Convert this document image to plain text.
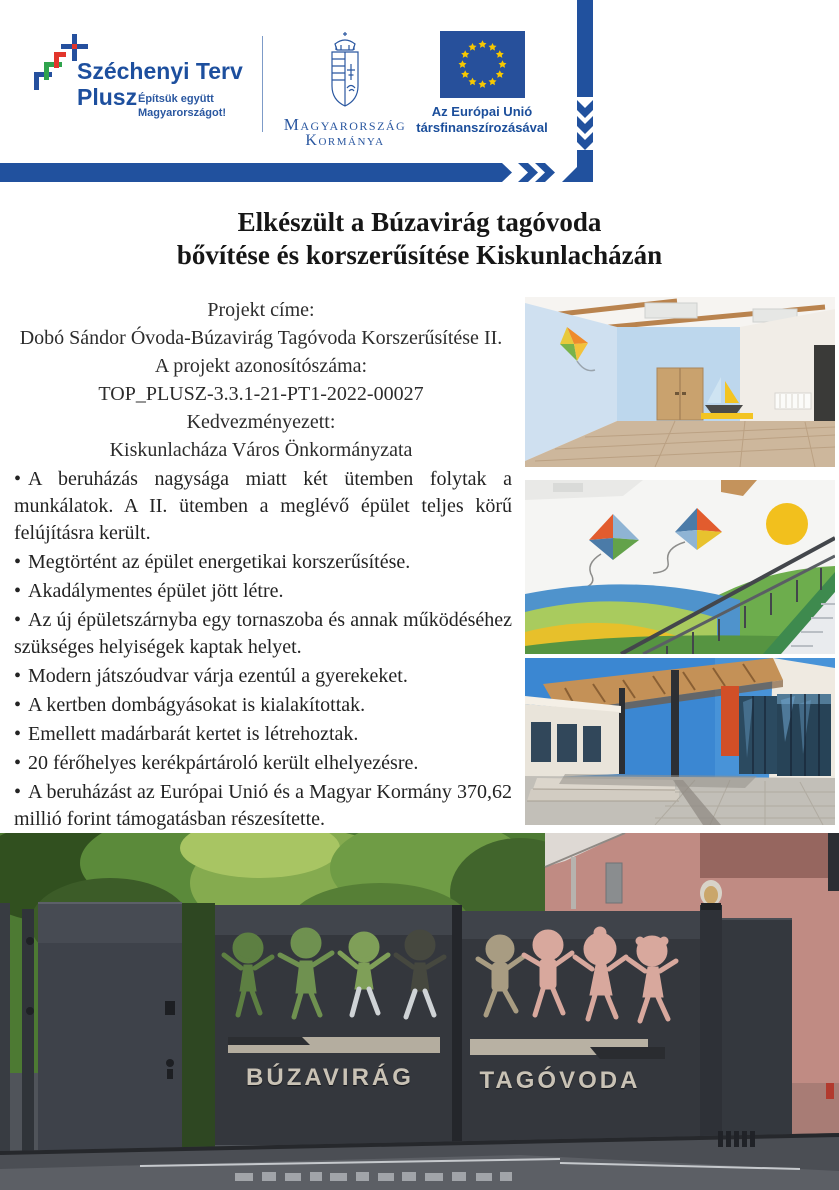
Széchenyi Terv
Plusz Építsük együtt
Magyarországot!
Magyarország
Kormánya
Az Európai Unió
társfinanszírozásával
Elkészült a Búzavirág tagóvoda
bővítése és korszerűsítése Kiskunlacházán
Projekt címe:
Dobó Sándor Óvoda-Búzavirág Tagóvoda Korszerűsítése II.
A projekt azonosítószáma:
TOP_PLUSZ-3.3.1-21-PT1-2022-00027
Kedvezményezett:
Kiskunlacháza Város Önkormányzata

• A beruházás nagysága miatt két ütemben folytak a munkálatok. A II. ütemben a meglévő épület teljes körű felújításra került.

• Megtörtént az épület energetikai korszerűsítése.

• Akadálymentes épület jött létre.

• Az új épületszárnyba egy tornaszoba és annak működéséhez szükséges helyiségek kaptak helyet.

• Modern játszóudvar várja ezentúl a gyerekeket.

• A kertben dombágyásokat is kialakítottak.

• Emellett madárbarát kertet is létrehoztak.

• 20 férőhelyes kerékpártároló került elhelyezésre.

• A beruházást az Európai Unió és a Magyar Kormány 370,62 millió forint támogatásban részesítette.

BÚZAVIRÁG	TAGÓVODA
